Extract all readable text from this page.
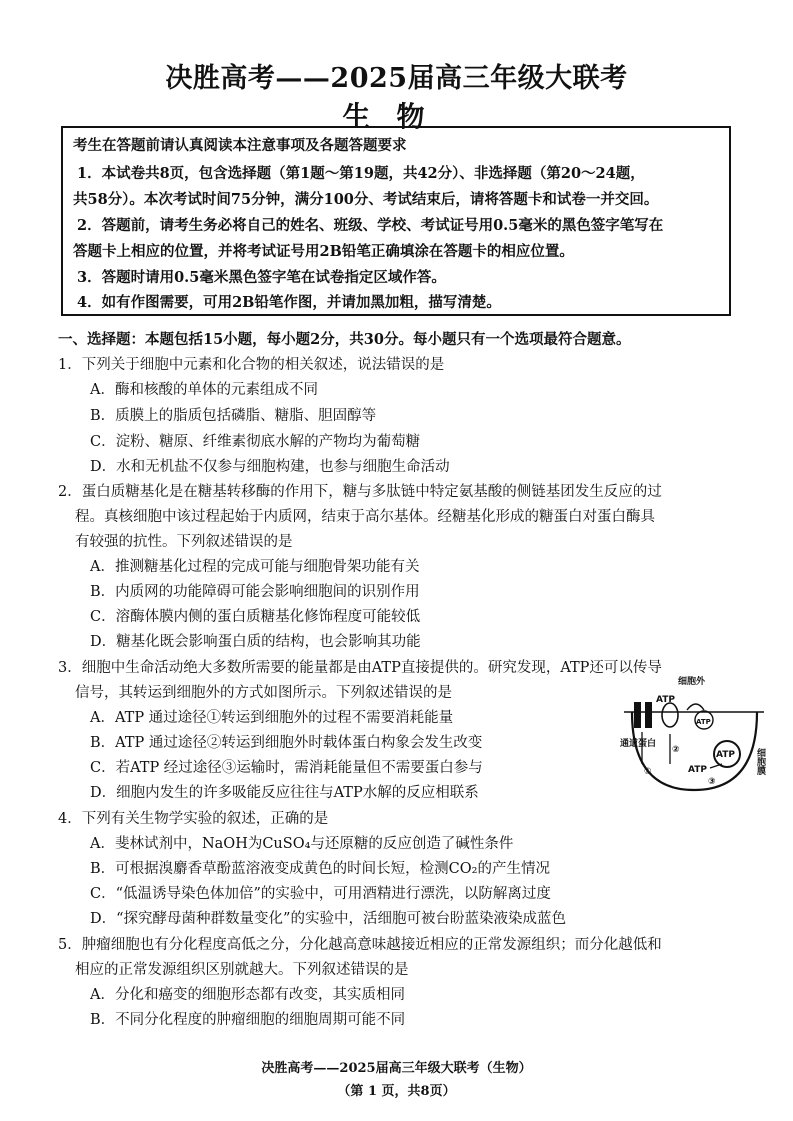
决胜高考——2025届高三年级大联考
生物
考生在答题前请认真阅读本注意事项及各题答题要求
1．本试卷共8页，包含选择题（第1题～第19题，共42分）、非选择题（第20～24题，
共58分）。本次考试时间75分钟，满分100分、考试结束后，请将答题卡和试卷一并交回。
2．答题前，请考生务必将自己的姓名、班级、学校、考试证号用0.5毫米的黑色签字笔写在
答题卡上相应的位置，并将考试证号用2B铅笔正确填涂在答题卡的相应位置。
3．答题时请用0.5毫米黑色签字笔在试卷指定区域作答。
4．如有作图需要，可用2B铅笔作图，并请加黑加粗，描写清楚。
一、选择题：本题包括15小题，每小题2分，共30分。每小题只有一个选项最符合题意。
1．下列关于细胞中元素和化合物的相关叙述，说法错误的是
A．酶和核酸的单体的元素组成不同
B．质膜上的脂质包括磷脂、糖脂、胆固醇等
C．淀粉、糖原、纤维素彻底水解的产物均为葡萄糖
D．水和无机盐不仅参与细胞构建，也参与细胞生命活动
2．蛋白质糖基化是在糖基转移酶的作用下，糖与多肽链中特定氨基酸的侧链基团发生反应的过
程。真核细胞中该过程起始于内质网，结束于高尔基体。经糖基化形成的糖蛋白对蛋白酶具
有较强的抗性。下列叙述错误的是
A．推测糖基化过程的完成可能与细胞骨架功能有关
B．内质网的功能障碍可能会影响细胞间的识别作用
C．溶酶体膜内侧的蛋白质糖基化修饰程度可能较低
D．糖基化既会影响蛋白质的结构，也会影响其功能
3．细胞中生命活动绝大多数所需要的能量都是由ATP直接提供的。研究发现，ATP还可以传导
信号，其转运到细胞外的方式如图所示。下列叙述错误的是
A．ATP 通过途径①转运到细胞外的过程不需要消耗能量
B．ATP 通过途径②转运到细胞外时载体蛋白构象会发生改变
C．若ATP 经过途径③运输时，需消耗能量但不需要蛋白参与
D．细胞内发生的许多吸能反应往往与ATP水解的反应相联系
细胞外
细胞膜
通道蛋白
ATP
ATP
ATP
ATP
①
②
③
4．下列有关生物学实验的叙述，正确的是
A．斐林试剂中，NaOH为CuSO₄与还原糖的反应创造了碱性条件
B．可根据溴麝香草酚蓝溶液变成黄色的时间长短，检测CO₂的产生情况
C．“低温诱导染色体加倍”的实验中，可用酒精进行漂洗，以防解离过度
D．“探究酵母菌种群数量变化”的实验中，活细胞可被台盼蓝染液染成蓝色
5．肿瘤细胞也有分化程度高低之分，分化越高意味越接近相应的正常发源组织；而分化越低和
相应的正常发源组织区别就越大。下列叙述错误的是
A．分化和癌变的细胞形态都有改变，其实质相同
B．不同分化程度的肿瘤细胞的细胞周期可能不同
决胜高考——2025届高三年级大联考（生物）
（第 1 页，共8页）
